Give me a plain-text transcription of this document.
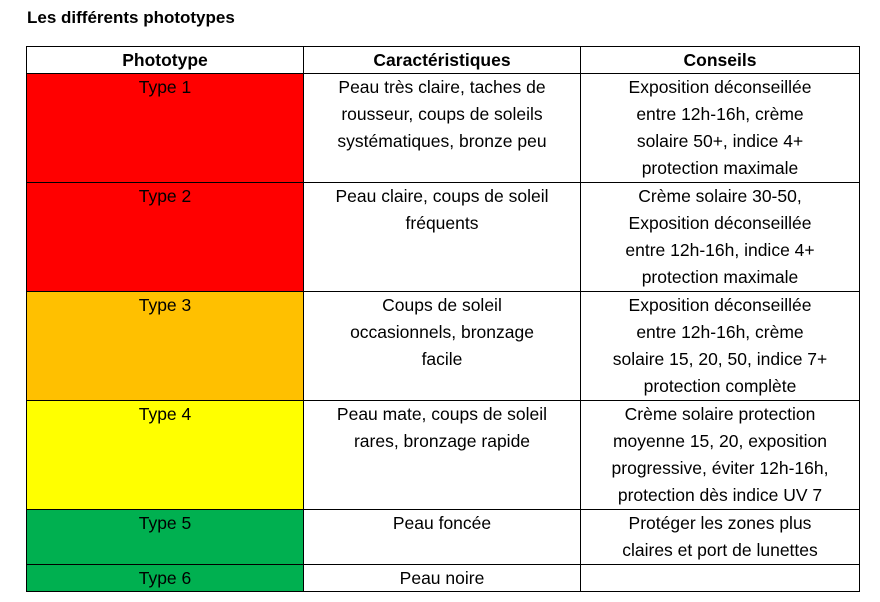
Les différents phototypes
Phototype	Caractéristiques	Conseils
Type 1	Peau très claire, taches de
rousseur, coups de soleils
systématiques, bronze peu	Exposition déconseillée
entre 12h-16h, crème
solaire 50+, indice 4+
protection maximale
Type 2	Peau claire, coups de soleil
fréquents	Crème solaire 30-50,
Exposition déconseillée
entre 12h-16h, indice 4+
protection maximale
Type 3	Coups de soleil
occasionnels, bronzage
facile	Exposition déconseillée
entre 12h-16h, crème
solaire 15, 20, 50, indice 7+
protection complète
Type 4	Peau mate, coups de soleil
rares, bronzage rapide	Crème solaire protection
moyenne 15, 20, exposition
progressive, éviter 12h-16h,
protection dès indice UV 7
Type 5	Peau foncée	Protéger les zones plus
claires et port de lunettes
Type 6	Peau noire	
